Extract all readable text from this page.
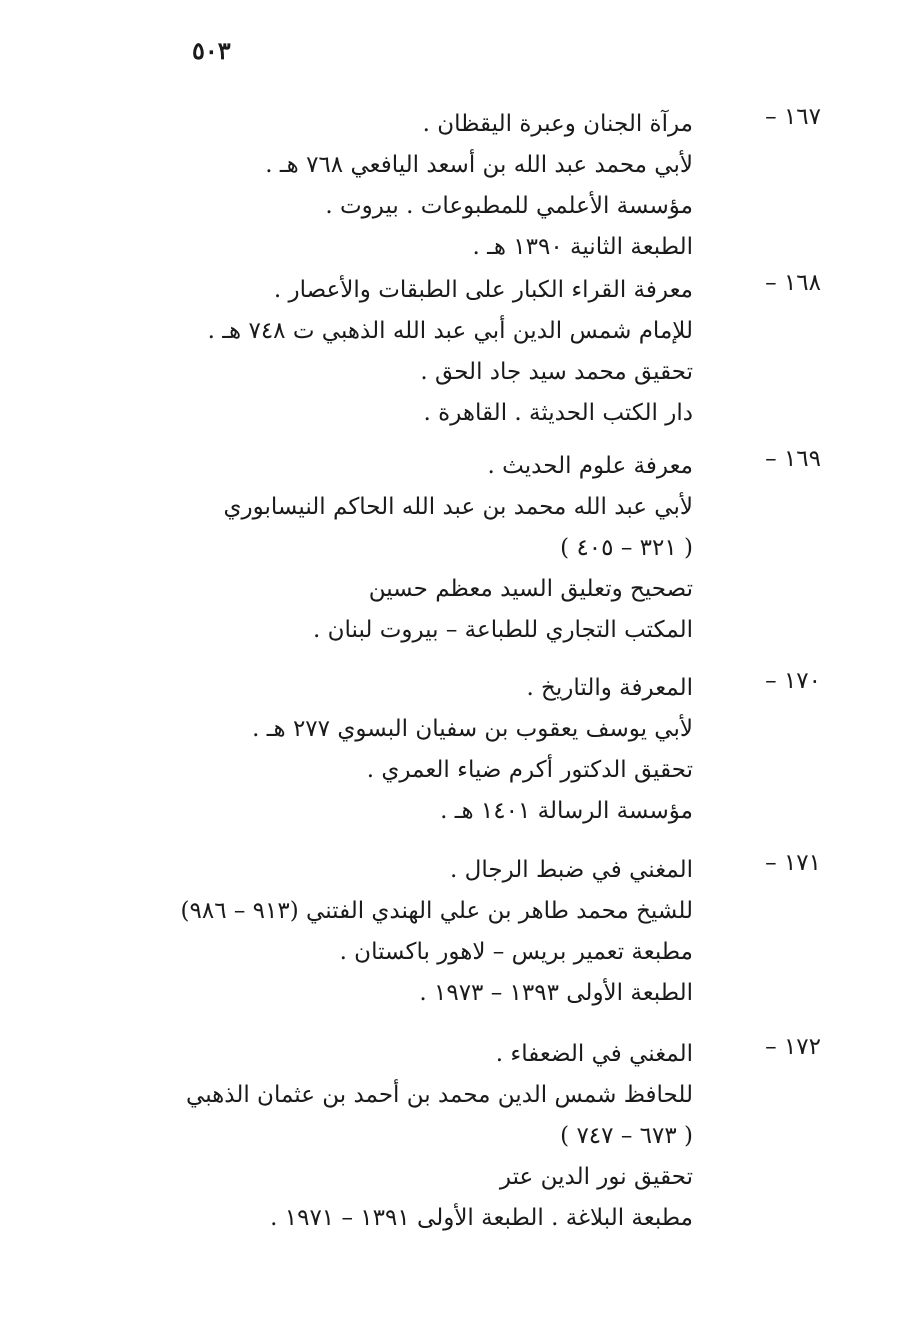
٥٠٣
١٦٧ –
مرآة الجنان وعبرة اليقظان .
لأبي محمد عبد الله بن أسعد اليافعي ٧٦٨ هـ .
مؤسسة الأعلمي للمطبوعات . بيروت .
الطبعة الثانية ١٣٩٠ هـ .
١٦٨ –
معرفة القراء الكبار على الطبقات والأعصار .
للإمام شمس الدين أبي عبد الله الذهبي ت ٧٤٨ هـ .
تحقيق محمد سيد جاد الحق .
دار الكتب الحديثة . القاهرة .
١٦٩ –
معرفة علوم الحديث .
لأبي عبد الله محمد بن عبد الله الحاكم النيسابوري
( ٣٢١ – ٤٠٥ )
تصحيح وتعليق السيد معظم حسين
المكتب التجاري للطباعة – بيروت لبنان .
١٧٠ –
المعرفة والتاريخ .
لأبي يوسف يعقوب بن سفيان البسوي ٢٧٧ هـ .
تحقيق الدكتور أكرم ضياء العمري .
مؤسسة الرسالة ١٤٠١ هـ .
١٧١ –
المغني في ضبط الرجال .
للشيخ محمد طاهر بن علي الهندي الفتني (٩١٣ – ٩٨٦)
مطبعة تعمير بريس – لاهور باكستان .
الطبعة الأولى ١٣٩٣ – ١٩٧٣ .
١٧٢ –
المغني في الضعفاء .
للحافظ شمس الدين محمد بن أحمد بن عثمان الذهبي
( ٦٧٣ – ٧٤٧ )
تحقيق نور الدين عتر
مطبعة البلاغة . الطبعة الأولى ١٣٩١ – ١٩٧١ .
